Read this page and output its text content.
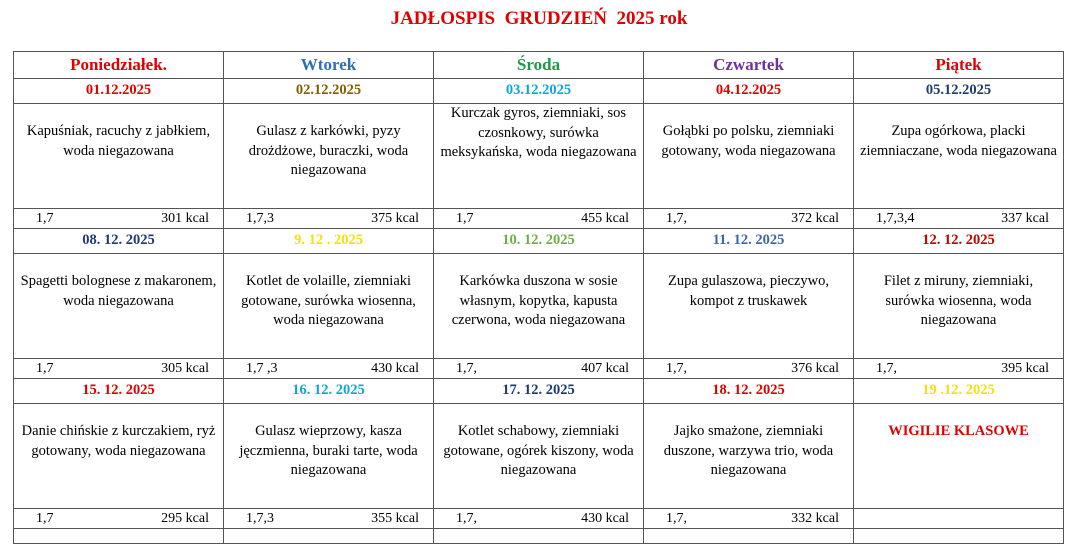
JADŁOSPIS  GRUDZIEŃ  2025 rok
Poniedziałek.	Wtorek	Środa	Czwartek	Piątek
01.12.2025	02.12.2025	03.12.2025	04.12.2025	05.12.2025

Kapuśniak, racuchy z jabłkiem, woda niegazowana	Gulasz z karkówki, pyzy drożdżowe, buraczki, woda niegazowana	Kurczak gyros, ziemniaki, sos czosnkowy, surówka meksykańska, woda niegazowana	Gołąbki po polsku, ziemniaki gotowany, woda niegazowana	Zupa ogórkowa, placki ziemniaczane, woda niegazowana

1,7 301 kcal	1,7,3 375 kcal	1,7 455 kcal	1,7, 372 kcal	1,7,3,4 337 kcal

08. 12. 2025	9. 12 . 2025	10. 12. 2025	11. 12. 2025	12. 12. 2025

Spagetti bolognese z makaronem, woda niegazowana	Kotlet de volaille, ziemniaki gotowane, surówka wiosenna, woda niegazowana	Karkówka duszona w sosie własnym, kopytka, kapusta czerwona, woda niegazowana	Zupa gulaszowa, pieczywo, kompot z truskawek	Filet z miruny, ziemniaki, surówka wiosenna, woda niegazowana

1,7 305 kcal	1,7 ,3 430 kcal	1,7, 407 kcal	1,7, 376 kcal	1,7, 395 kcal

15. 12. 2025	16. 12. 2025	17. 12. 2025	18. 12. 2025	19 .12. 2025

Danie chińskie z kurczakiem, ryż gotowany, woda niegazowana	Gulasz wieprzowy, kasza jęczmienna, buraki tarte, woda niegazowana	Kotlet schabowy, ziemniaki gotowane, ogórek kiszony, woda niegazowana	Jajko smażone, ziemniaki duszone, warzywa trio, woda niegazowana	WIGILIE KLASOWE

1,7 295 kcal	1,7,3 355 kcal	1,7, 430 kcal	1,7, 332 kcal	
